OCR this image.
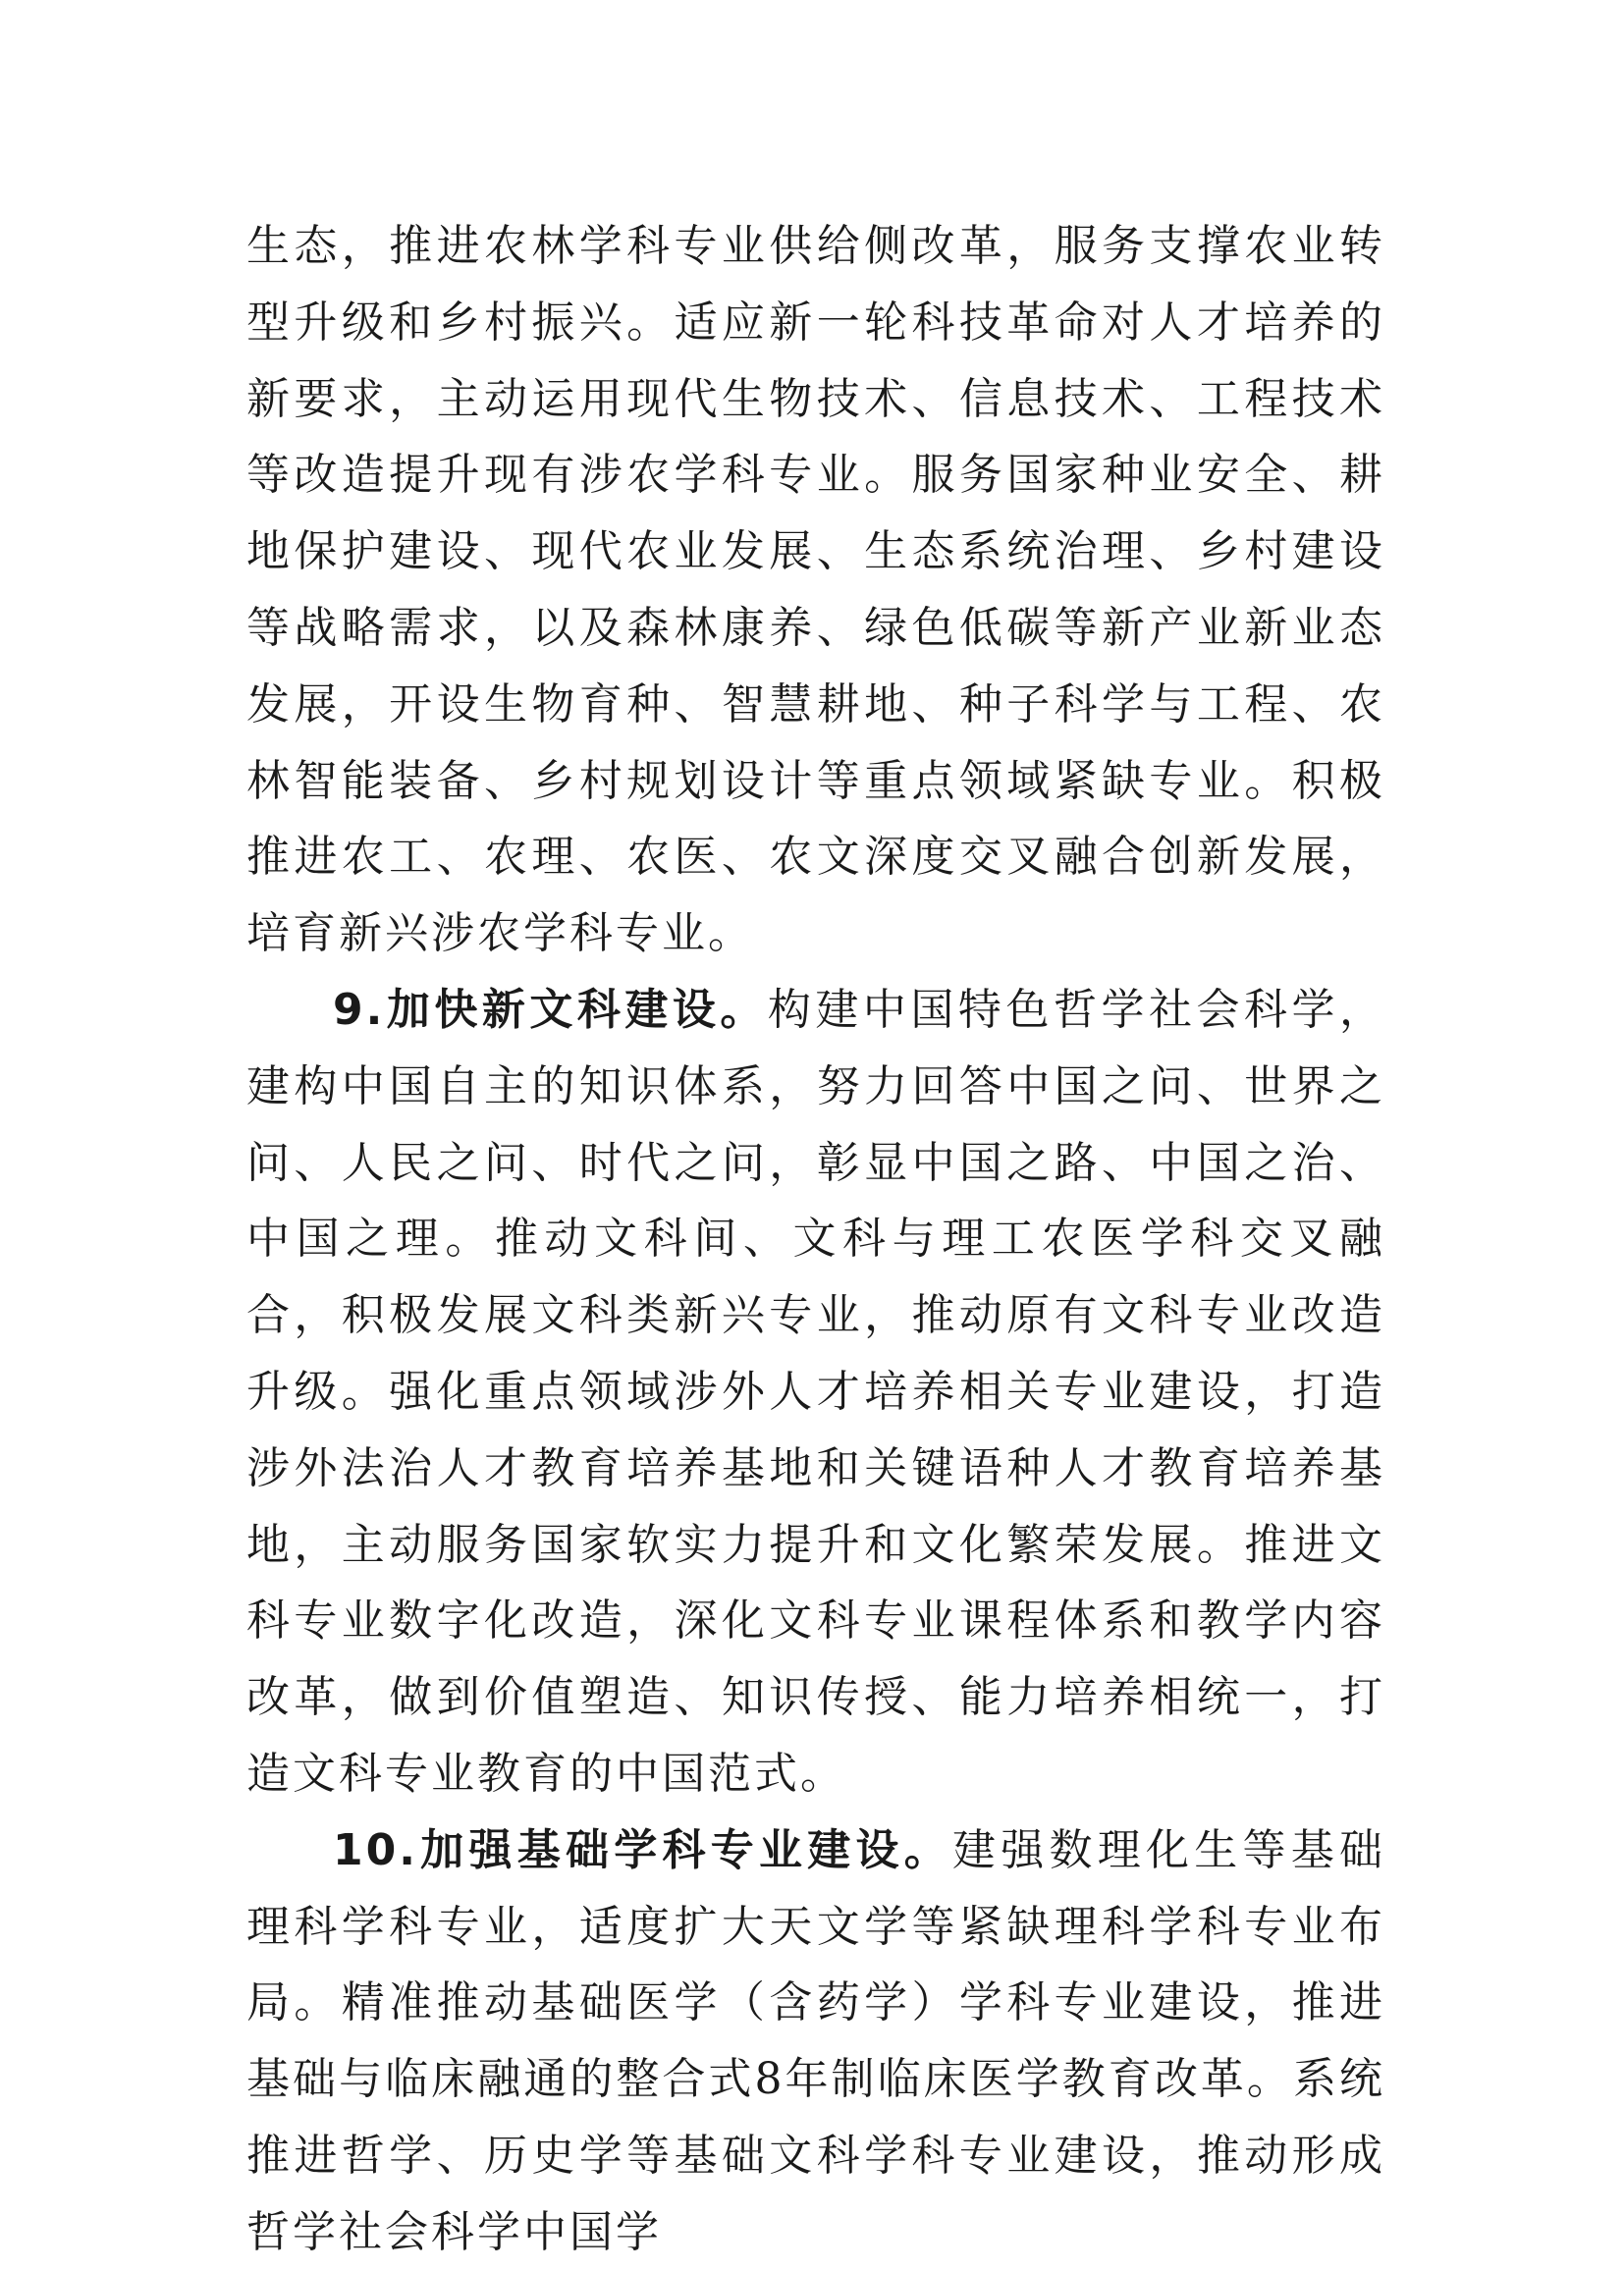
生态，推进农林学科专业供给侧改革，服务支撑农业转型升级和乡村振兴。适应新一轮科技革命对人才培养的新要求，主动运用现代生物技术、信息技术、工程技术等改造提升现有涉农学科专业。服务国家种业安全、耕地保护建设、现代农业发展、生态系统治理、乡村建设等战略需求，以及森林康养、绿色低碳等新产业新业态发展，开设生物育种、智慧耕地、种子科学与工程、农林智能装备、乡村规划设计等重点领域紧缺专业。积极推进农工、农理、农医、农文深度交叉融合创新发展，培育新兴涉农学科专业。

9.加快新文科建设。构建中国特色哲学社会科学，建构中国自主的知识体系，努力回答中国之问、世界之问、人民之问、时代之问，彰显中国之路、中国之治、中国之理。推动文科间、文科与理工农医学科交叉融合，积极发展文科类新兴专业，推动原有文科专业改造升级。强化重点领域涉外人才培养相关专业建设，打造涉外法治人才教育培养基地和关键语种人才教育培养基地，主动服务国家软实力提升和文化繁荣发展。推进文科专业数字化改造，深化文科专业课程体系和教学内容改革，做到价值塑造、知识传授、能力培养相统一，打造文科专业教育的中国范式。

10.加强基础学科专业建设。建强数理化生等基础理科学科专业，适度扩大天文学等紧缺理科学科专业布局。精准推动基础医学（含药学）学科专业建设，推进基础与临床融通的整合式8年制临床医学教育改革。系统推进哲学、历史学等基础文科学科专业建设，推动形成哲学社会科学中国学
